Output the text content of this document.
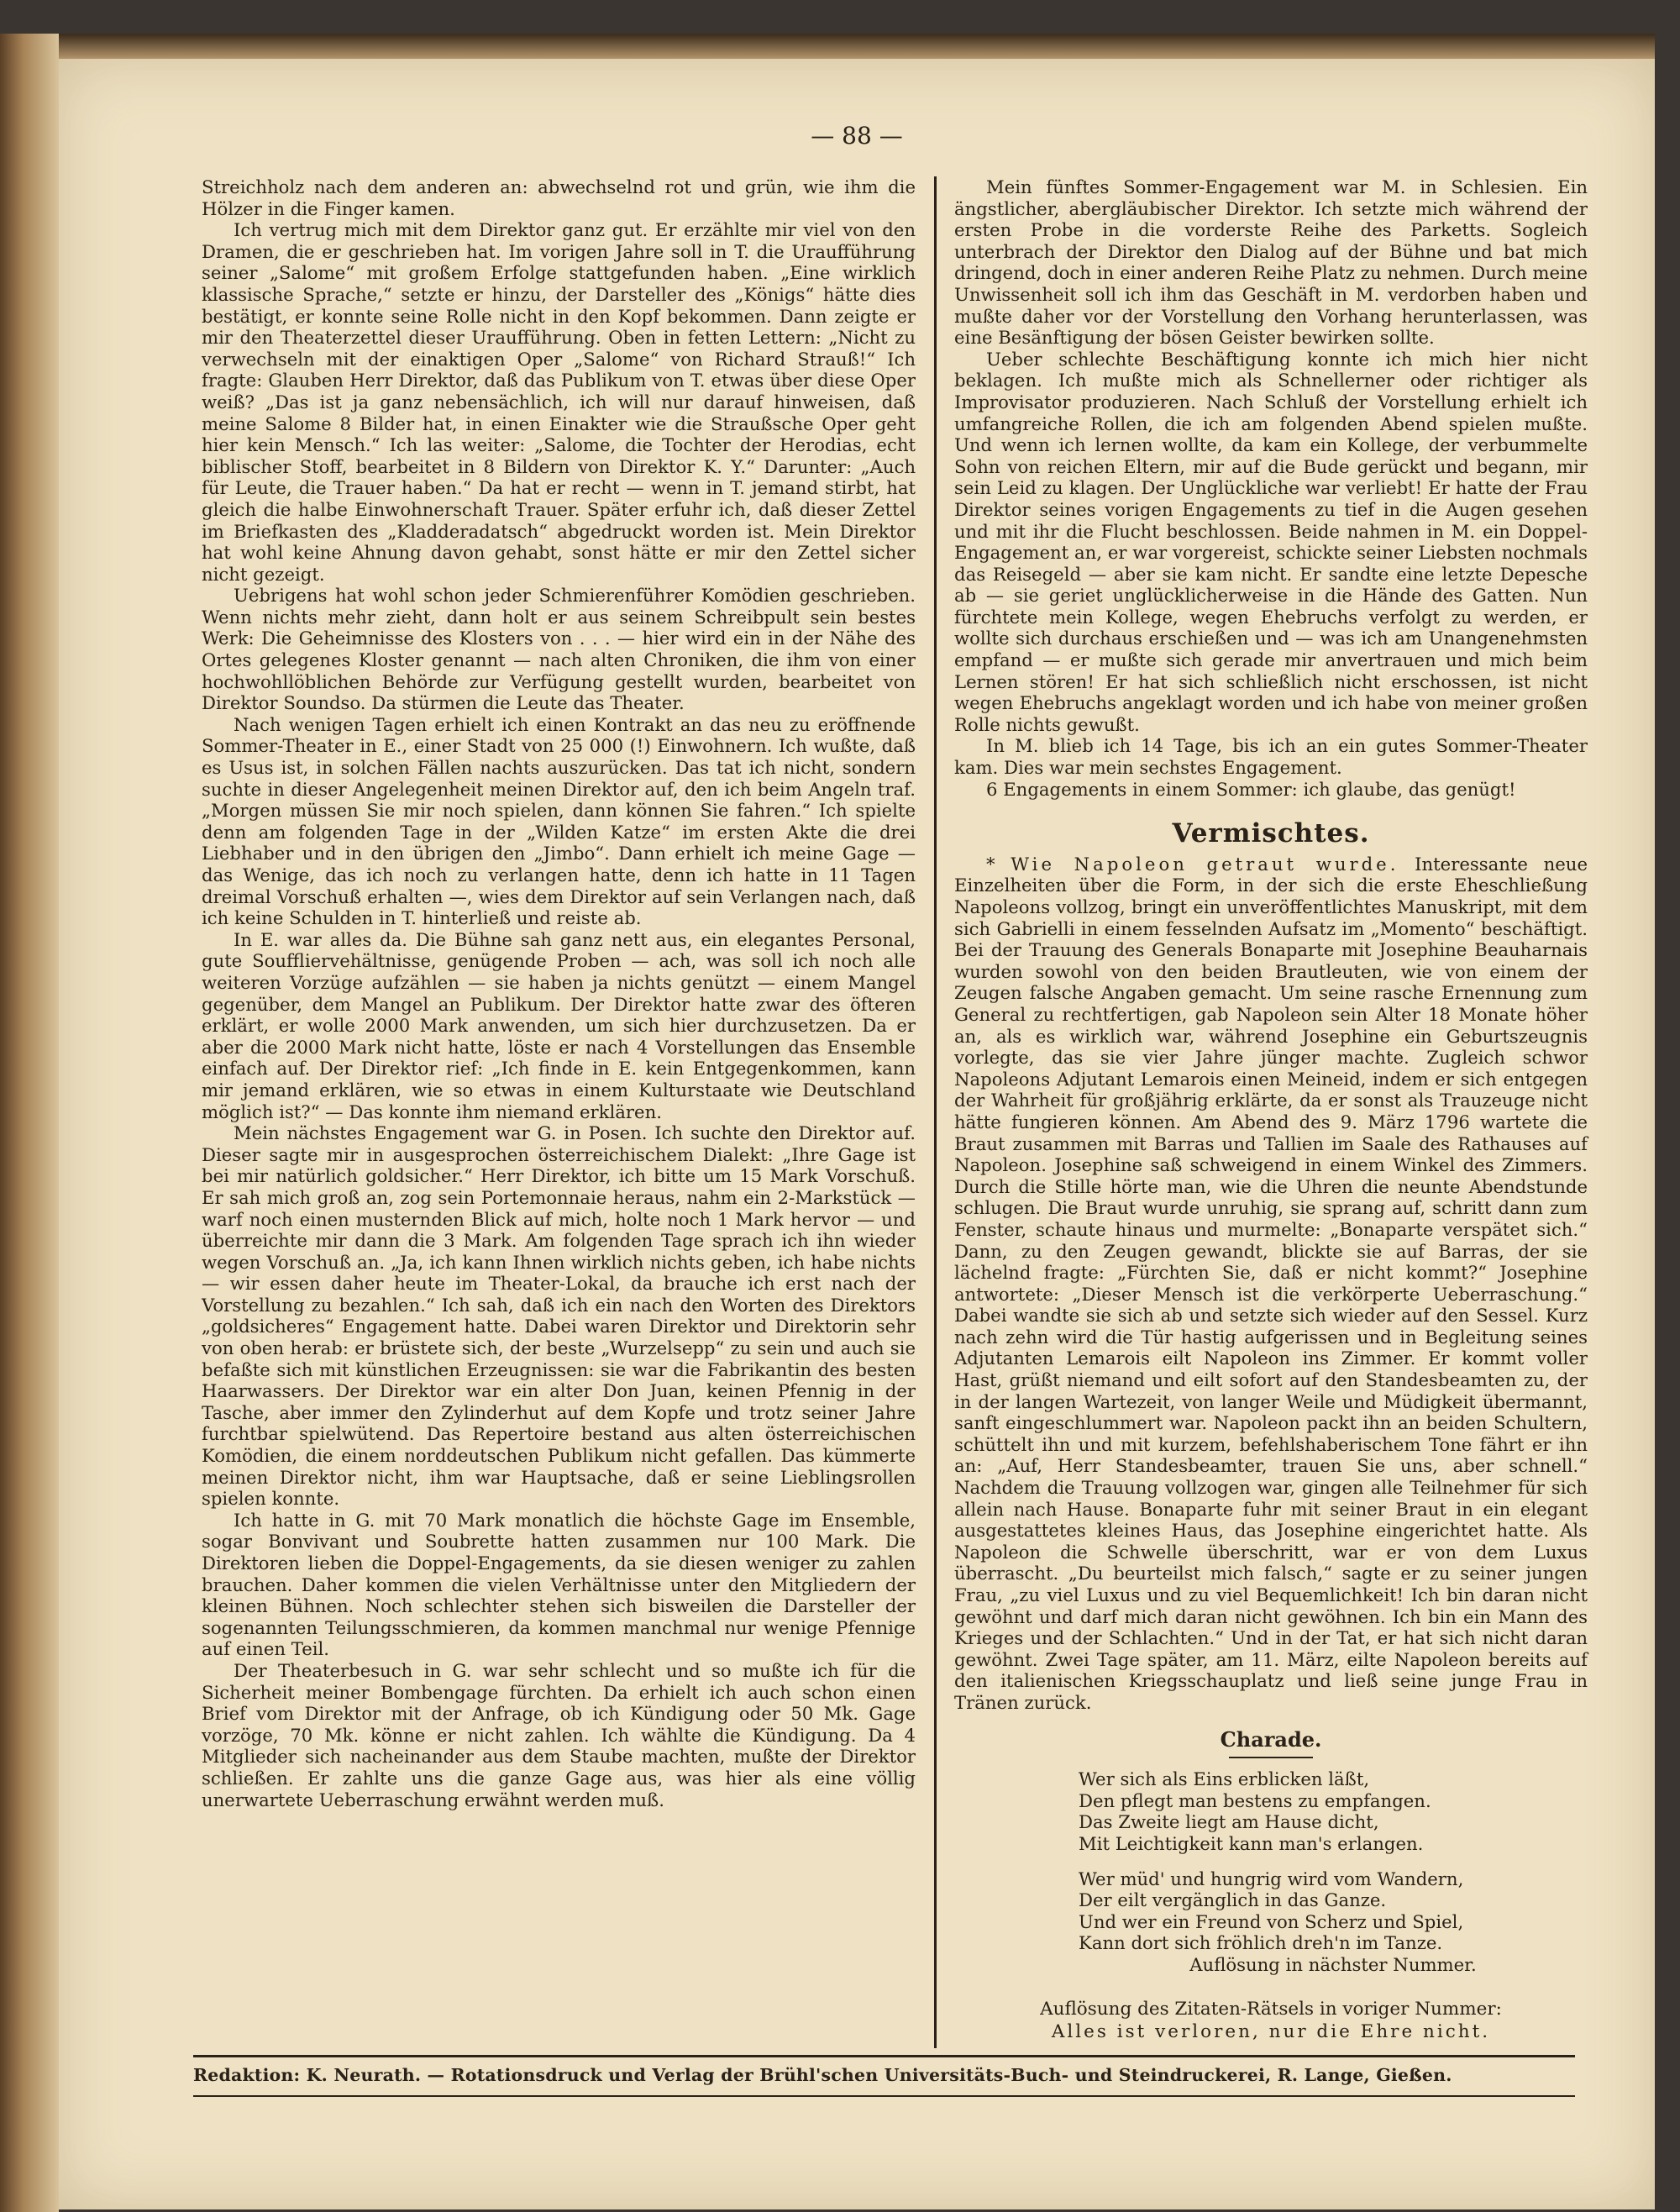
— 88 —

Streichholz nach dem anderen an: abwechselnd rot und grün, wie ihm die Hölzer in die Finger kamen.

Ich vertrug mich mit dem Direktor ganz gut. Er erzählte mir viel von den Dramen, die er geschrieben hat. Im vorigen Jahre soll in T. die Uraufführung seiner „Salome“ mit großem Erfolge stattgefunden haben. „Eine wirklich klassische Sprache,“ setzte er hinzu, der Darsteller des „Königs“ hätte dies bestätigt, er konnte seine Rolle nicht in den Kopf bekommen. Dann zeigte er mir den Theaterzettel dieser Uraufführung. Oben in fetten Lettern: „Nicht zu verwechseln mit der einaktigen Oper „Salome“ von Richard Strauß!“ Ich fragte: Glauben Herr Direktor, daß das Publikum von T. etwas über diese Oper weiß? „Das ist ja ganz nebensächlich, ich will nur darauf hinweisen, daß meine Salome 8 Bilder hat, in einen Einakter wie die Straußsche Oper geht hier kein Mensch.“ Ich las weiter: „Salome, die Tochter der Herodias, echt biblischer Stoff, bearbeitet in 8 Bildern von Direktor K. Y.“ Darunter: „Auch für Leute, die Trauer haben.“ Da hat er recht — wenn in T. jemand stirbt, hat gleich die halbe Einwohnerschaft Trauer. Später erfuhr ich, daß dieser Zettel im Briefkasten des „Kladderadatsch“ abgedruckt worden ist. Mein Direktor hat wohl keine Ahnung davon gehabt, sonst hätte er mir den Zettel sicher nicht gezeigt.

Uebrigens hat wohl schon jeder Schmierenführer Komödien geschrieben. Wenn nichts mehr zieht, dann holt er aus seinem Schreibpult sein bestes Werk: Die Geheimnisse des Klosters von . . . — hier wird ein in der Nähe des Ortes gelegenes Kloster genannt — nach alten Chroniken, die ihm von einer hochwohllöblichen Behörde zur Verfügung gestellt wurden, bearbeitet von Direktor Soundso. Da stürmen die Leute das Theater.

Nach wenigen Tagen erhielt ich einen Kontrakt an das neu zu eröffnende Sommer-Theater in E., einer Stadt von 25 000 (!) Einwohnern. Ich wußte, daß es Usus ist, in solchen Fällen nachts auszurücken. Das tat ich nicht, sondern suchte in dieser Angelegenheit meinen Direktor auf, den ich beim Angeln traf. „Morgen müssen Sie mir noch spielen, dann können Sie fahren.“ Ich spielte denn am folgenden Tage in der „Wilden Katze“ im ersten Akte die drei Liebhaber und in den übrigen den „Jimbo“. Dann erhielt ich meine Gage — das Wenige, das ich noch zu verlangen hatte, denn ich hatte in 11 Tagen dreimal Vorschuß erhalten —, wies dem Direktor auf sein Verlangen nach, daß ich keine Schulden in T. hinterließ und reiste ab.

In E. war alles da. Die Bühne sah ganz nett aus, ein elegantes Personal, gute Souffliervehältnisse, genügende Proben — ach, was soll ich noch alle weiteren Vorzüge aufzählen — sie haben ja nichts genützt — einem Mangel gegenüber, dem Mangel an Publikum. Der Direktor hatte zwar des öfteren erklärt, er wolle 2000 Mark anwenden, um sich hier durchzusetzen. Da er aber die 2000 Mark nicht hatte, löste er nach 4 Vorstellungen das Ensemble einfach auf. Der Direktor rief: „Ich finde in E. kein Entgegenkommen, kann mir jemand erklären, wie so etwas in einem Kulturstaate wie Deutschland möglich ist?“ — Das konnte ihm niemand erklären.

Mein nächstes Engagement war G. in Posen. Ich suchte den Direktor auf. Dieser sagte mir in ausgesprochen österreichischem Dialekt: „Ihre Gage ist bei mir natürlich goldsicher.“ Herr Direktor, ich bitte um 15 Mark Vorschuß. Er sah mich groß an, zog sein Portemonnaie heraus, nahm ein 2-Markstück — warf noch einen musternden Blick auf mich, holte noch 1 Mark hervor — und überreichte mir dann die 3 Mark. Am folgenden Tage sprach ich ihn wieder wegen Vorschuß an. „Ja, ich kann Ihnen wirklich nichts geben, ich habe nichts — wir essen daher heute im Theater-Lokal, da brauche ich erst nach der Vorstellung zu bezahlen.“ Ich sah, daß ich ein nach den Worten des Direktors „goldsicheres“ Engagement hatte. Dabei waren Direktor und Direktorin sehr von oben herab: er brüstete sich, der beste „Wurzelsepp“ zu sein und auch sie befaßte sich mit künstlichen Erzeugnissen: sie war die Fabrikantin des besten Haarwassers. Der Direktor war ein alter Don Juan, keinen Pfennig in der Tasche, aber immer den Zylinderhut auf dem Kopfe und trotz seiner Jahre furchtbar spielwütend. Das Repertoire bestand aus alten österreichischen Komödien, die einem norddeutschen Publikum nicht gefallen. Das kümmerte meinen Direktor nicht, ihm war Hauptsache, daß er seine Lieblingsrollen spielen konnte.

Ich hatte in G. mit 70 Mark monatlich die höchste Gage im Ensemble, sogar Bonvivant und Soubrette hatten zusammen nur 100 Mark. Die Direktoren lieben die Doppel-Engagements, da sie diesen weniger zu zahlen brauchen. Daher kommen die vielen Verhältnisse unter den Mitgliedern der kleinen Bühnen. Noch schlechter stehen sich bisweilen die Darsteller der sogenannten Teilungsschmieren, da kommen manchmal nur wenige Pfennige auf einen Teil.

Der Theaterbesuch in G. war sehr schlecht und so mußte ich für die Sicherheit meiner Bombengage fürchten. Da erhielt ich auch schon einen Brief vom Direktor mit der Anfrage, ob ich Kündigung oder 50 Mk. Gage vorzöge, 70 Mk. könne er nicht zahlen. Ich wählte die Kündigung. Da 4 Mitglieder sich nacheinander aus dem Staube machten, mußte der Direktor schließen. Er zahlte uns die ganze Gage aus, was hier als eine völlig unerwartete Ueberraschung erwähnt werden muß.

Mein fünftes Sommer-Engagement war M. in Schlesien. Ein ängstlicher, abergläubischer Direktor. Ich setzte mich während der ersten Probe in die vorderste Reihe des Parketts. Sogleich unterbrach der Direktor den Dialog auf der Bühne und bat mich dringend, doch in einer anderen Reihe Platz zu nehmen. Durch meine Unwissenheit soll ich ihm das Geschäft in M. verdorben haben und mußte daher vor der Vorstellung den Vorhang herunterlassen, was eine Besänftigung der bösen Geister bewirken sollte.

Ueber schlechte Beschäftigung konnte ich mich hier nicht beklagen. Ich mußte mich als Schnellerner oder richtiger als Improvisator produzieren. Nach Schluß der Vorstellung erhielt ich umfangreiche Rollen, die ich am folgenden Abend spielen mußte. Und wenn ich lernen wollte, da kam ein Kollege, der verbummelte Sohn von reichen Eltern, mir auf die Bude gerückt und begann, mir sein Leid zu klagen. Der Unglückliche war verliebt! Er hatte der Frau Direktor seines vorigen Engagements zu tief in die Augen gesehen und mit ihr die Flucht beschlossen. Beide nahmen in M. ein Doppel-Engagement an, er war vorgereist, schickte seiner Liebsten nochmals das Reisegeld — aber sie kam nicht. Er sandte eine letzte Depesche ab — sie geriet unglücklicherweise in die Hände des Gatten. Nun fürchtete mein Kollege, wegen Ehebruchs verfolgt zu werden, er wollte sich durchaus erschießen und — was ich am Unangenehmsten empfand — er mußte sich gerade mir anvertrauen und mich beim Lernen stören! Er hat sich schließlich nicht erschossen, ist nicht wegen Ehebruchs angeklagt worden und ich habe von meiner großen Rolle nichts gewußt.

In M. blieb ich 14 Tage, bis ich an ein gutes Sommer-Theater kam. Dies war mein sechstes Engagement.

6 Engagements in einem Sommer: ich glaube, das genügt!

Vermischtes.

* Wie Napoleon getraut wurde. Interessante neue Einzelheiten über die Form, in der sich die erste Eheschließung Napoleons vollzog, bringt ein unveröffentlichtes Manuskript, mit dem sich Gabrielli in einem fesselnden Aufsatz im „Momento“ beschäftigt. Bei der Trauung des Generals Bonaparte mit Josephine Beauharnais wurden sowohl von den beiden Brautleuten, wie von einem der Zeugen falsche Angaben gemacht. Um seine rasche Ernennung zum General zu rechtfertigen, gab Napoleon sein Alter 18 Monate höher an, als es wirklich war, während Josephine ein Geburtszeugnis vorlegte, das sie vier Jahre jünger machte. Zugleich schwor Napoleons Adjutant Lemarois einen Meineid, indem er sich entgegen der Wahrheit für großjährig erklärte, da er sonst als Trauzeuge nicht hätte fungieren können. Am Abend des 9. März 1796 wartete die Braut zusammen mit Barras und Tallien im Saale des Rathauses auf Napoleon. Josephine saß schweigend in einem Winkel des Zimmers. Durch die Stille hörte man, wie die Uhren die neunte Abendstunde schlugen. Die Braut wurde unruhig, sie sprang auf, schritt dann zum Fenster, schaute hinaus und murmelte: „Bonaparte verspätet sich.“ Dann, zu den Zeugen gewandt, blickte sie auf Barras, der sie lächelnd fragte: „Fürchten Sie, daß er nicht kommt?“ Josephine antwortete: „Dieser Mensch ist die verkörperte Ueberraschung.“ Dabei wandte sie sich ab und setzte sich wieder auf den Sessel. Kurz nach zehn wird die Tür hastig aufgerissen und in Begleitung seines Adjutanten Lemarois eilt Napoleon ins Zimmer. Er kommt voller Hast, grüßt niemand und eilt sofort auf den Standesbeamten zu, der in der langen Wartezeit, von langer Weile und Müdigkeit übermannt, sanft eingeschlummert war. Napoleon packt ihn an beiden Schultern, schüttelt ihn und mit kurzem, befehlshaberischem Tone fährt er ihn an: „Auf, Herr Standesbeamter, trauen Sie uns, aber schnell.“ Nachdem die Trauung vollzogen war, gingen alle Teilnehmer für sich allein nach Hause. Bonaparte fuhr mit seiner Braut in ein elegant ausgestattetes kleines Haus, das Josephine eingerichtet hatte. Als Napoleon die Schwelle überschritt, war er von dem Luxus überrascht. „Du beurteilst mich falsch,“ sagte er zu seiner jungen Frau, „zu viel Luxus und zu viel Bequemlichkeit! Ich bin daran nicht gewöhnt und darf mich daran nicht gewöhnen. Ich bin ein Mann des Krieges und der Schlachten.“ Und in der Tat, er hat sich nicht daran gewöhnt. Zwei Tage später, am 11. März, eilte Napoleon bereits auf den italienischen Kriegsschauplatz und ließ seine junge Frau in Tränen zurück.

Charade.

Wer sich als Eins erblicken läßt,

Den pflegt man bestens zu empfangen.

Das Zweite liegt am Hause dicht,

Mit Leichtigkeit kann man's erlangen.

Wer müd' und hungrig wird vom Wandern,

Der eilt vergänglich in das Ganze.

Und wer ein Freund von Scherz und Spiel,

Kann dort sich fröhlich dreh'n im Tanze.

Auflösung in nächster Nummer.

Auflösung des Zitaten-Rätsels in voriger Nummer:
Alles ist verloren, nur die Ehre nicht.
Redaktion: K. Neurath. — Rotationsdruck und Verlag der Brühl'schen Universitäts-Buch- und Steindruckerei, R. Lange, Gießen.
